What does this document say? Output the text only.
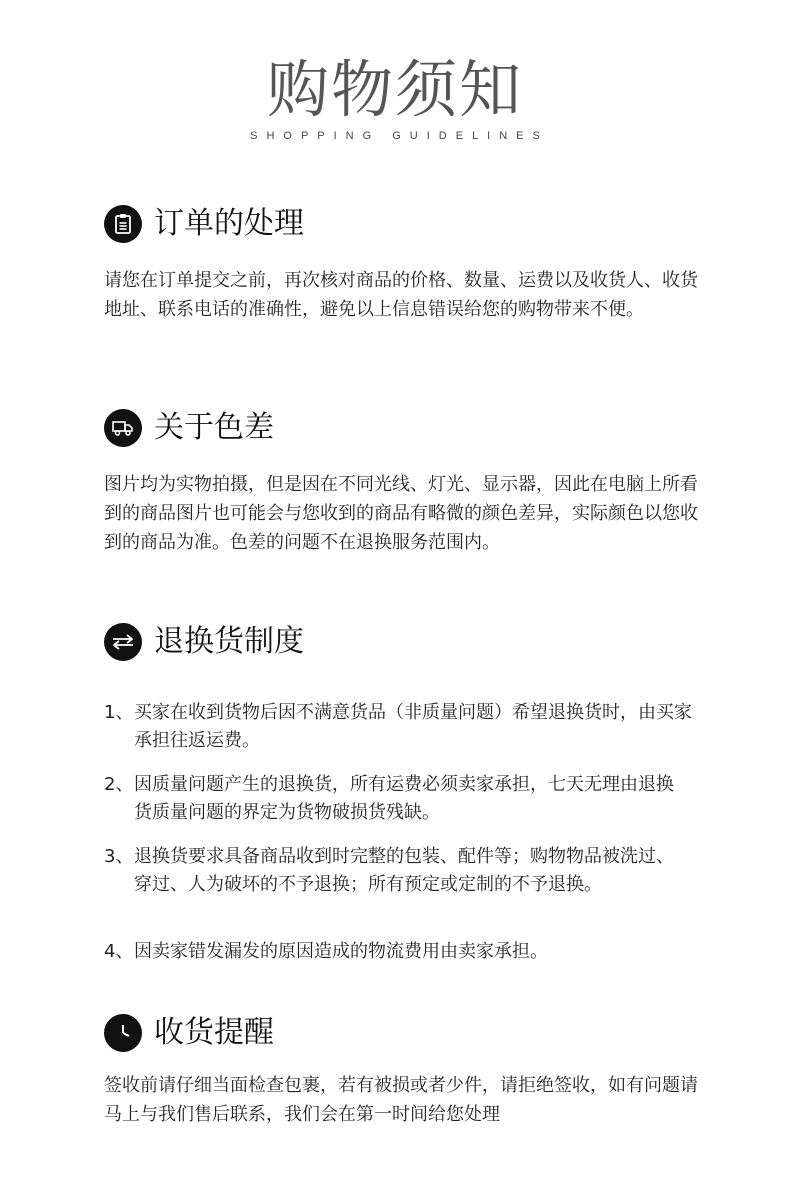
购物须知
SHOPPING GUIDELINES
订单的处理

请您在订单提交之前，再次核对商品的价格、数量、运费以及收货人、收货地址、联系电话的准确性，避免以上信息错误给您的购物带来不便。

关于色差

图片均为实物拍摄，但是因在不同光线、灯光、显示器，因此在电脑上所看到的商品图片也可能会与您收到的商品有略微的颜色差异，实际颜色以您收到的商品为准。色差的问题不在退换服务范围内。

退换货制度
1、 买家在收到货物后因不满意货品（非质量问题）希望退换货时，由买家承担往返运费。
2、 因质量问题产生的退换货，所有运费必须卖家承担，七天无理由退换货质量问题的界定为货物破损货残缺。
3、 退换货要求具备商品收到时完整的包装、配件等；购物物品被洗过、穿过、人为破坏的不予退换；所有预定或定制的不予退换。
4、 因卖家错发漏发的原因造成的物流费用由卖家承担。
收货提醒

签收前请仔细当面检查包裹，若有被损或者少件，请拒绝签收，如有问题请马上与我们售后联系，我们会在第一时间给您处理
